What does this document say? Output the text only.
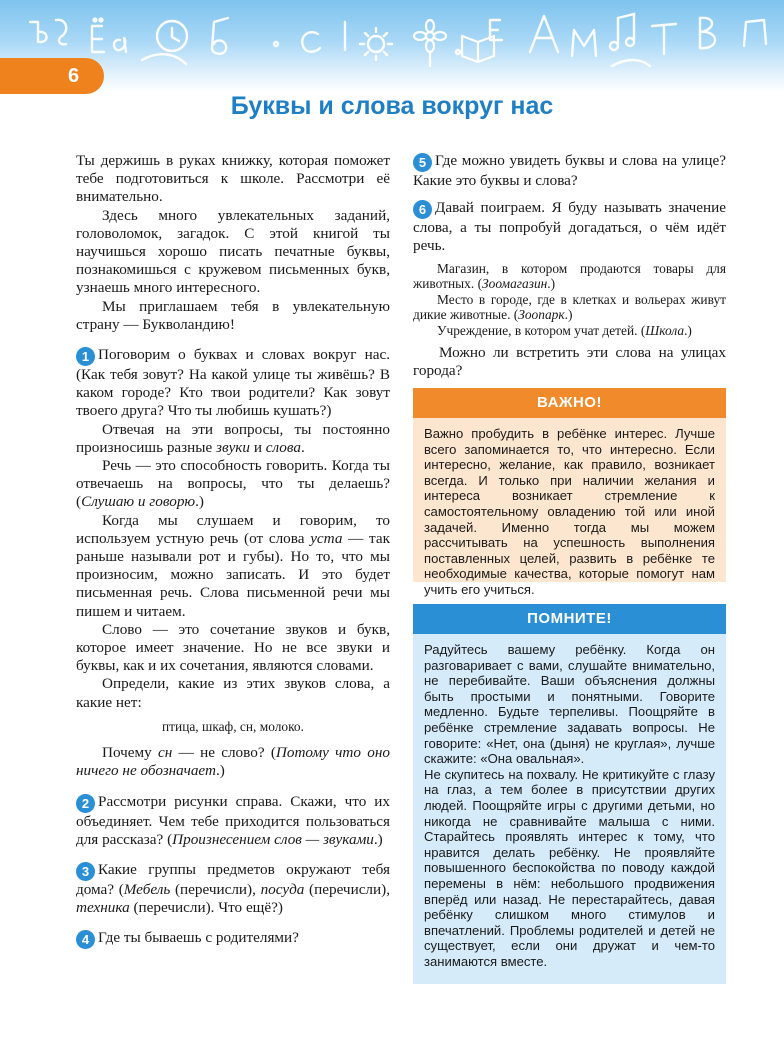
6
Буквы и слова вокруг нас

Ты держишь в руках книжку, которая поможет тебе подготовиться к школе. Рассмотри её внимательно.

Здесь много увлекательных заданий, головоломок, загадок. С этой книгой ты научишься хорошо писать печатные буквы, познакомишься с кружевом письменных букв, узнаешь много интересного.

Мы приглашаем тебя в увлекательную страну — Букволандию!

1 Поговорим о буквах и словах вокруг нас. (Как тебя зовут? На какой улице ты живёшь? В каком городе? Кто твои родители? Как зовут твоего друга? Что ты любишь кушать?)

Отвечая на эти вопросы, ты постоянно произносишь разные звуки и слова.

Речь — это способность говорить. Когда ты отвечаешь на вопросы, что ты делаешь? (Слушаю и говорю.)

Когда мы слушаем и говорим, то используем устную речь (от слова уста — так раньше называли рот и губы). Но то, что мы произносим, можно записать. И это будет письменная речь. Слова письменной речи мы пишем и читаем.

Слово — это сочетание звуков и букв, которое имеет значение. Но не все звуки и буквы, как и их сочетания, являются словами.

Определи, какие из этих звуков слова, а какие нет:

птица, шкаф, сн, молоко.

Почему сн — не слово? (Потому что оно ничего не обозначает.)

2 Рассмотри рисунки справа. Скажи, что их объединяет. Чем тебе приходится пользоваться для рассказа? (Произнесением слов — звуками.)

3 Какие группы предметов окружают тебя дома? (Мебель (перечисли), посуда (перечисли), техника (перечисли). Что ещё?)

4 Где ты бываешь с родителями?

5 Где можно увидеть буквы и слова на улице? Какие это буквы и слова?

6 Давай поиграем. Я буду называть значение слова, а ты попробуй догадаться, о чём идёт речь.

Магазин, в котором продаются товары для животных. (Зоомагазин.)

Место в городе, где в клетках и вольерах живут дикие животные. (Зоопарк.)

Учреждение, в котором учат детей. (Школа.)

Можно ли встретить эти слова на улицах города?

ВАЖНО!

Важно пробудить в ребёнке интерес. Лучше всего запоминается то, что интересно. Если интересно, желание, как правило, возникает всегда. И только при наличии желания и интереса возникает стремление к самостоятельному овладению той или иной задачей. Именно тогда мы можем рассчитывать на успешность выполнения поставленных целей, развить в ребёнке те необходимые качества, которые помогут нам учить его учиться.

ПОМНИТЕ!

Радуйтесь вашему ребёнку. Когда он разговаривает с вами, слушайте внимательно, не перебивайте. Ваши объяснения должны быть простыми и понятными. Говорите медленно. Будьте терпеливы. Поощряйте в ребёнке стремление задавать вопросы. Не говорите: «Нет, она (дыня) не круглая», лучше скажите: «Она овальная».

Не скупитесь на похвалу. Не критикуйте с глазу на глаз, а тем более в присутствии других людей. Поощряйте игры с другими детьми, но никогда не сравнивайте малыша с ними. Старайтесь проявлять интерес к тому, что нравится делать ребёнку. Не проявляйте повышенного беспокойства по поводу каждой перемены в нём: небольшого продвижения вперёд или назад. Не перестарайтесь, давая ребёнку слишком много стимулов и впечатлений. Проблемы родителей и детей не существует, если они дружат и чем-то занимаются вместе.
